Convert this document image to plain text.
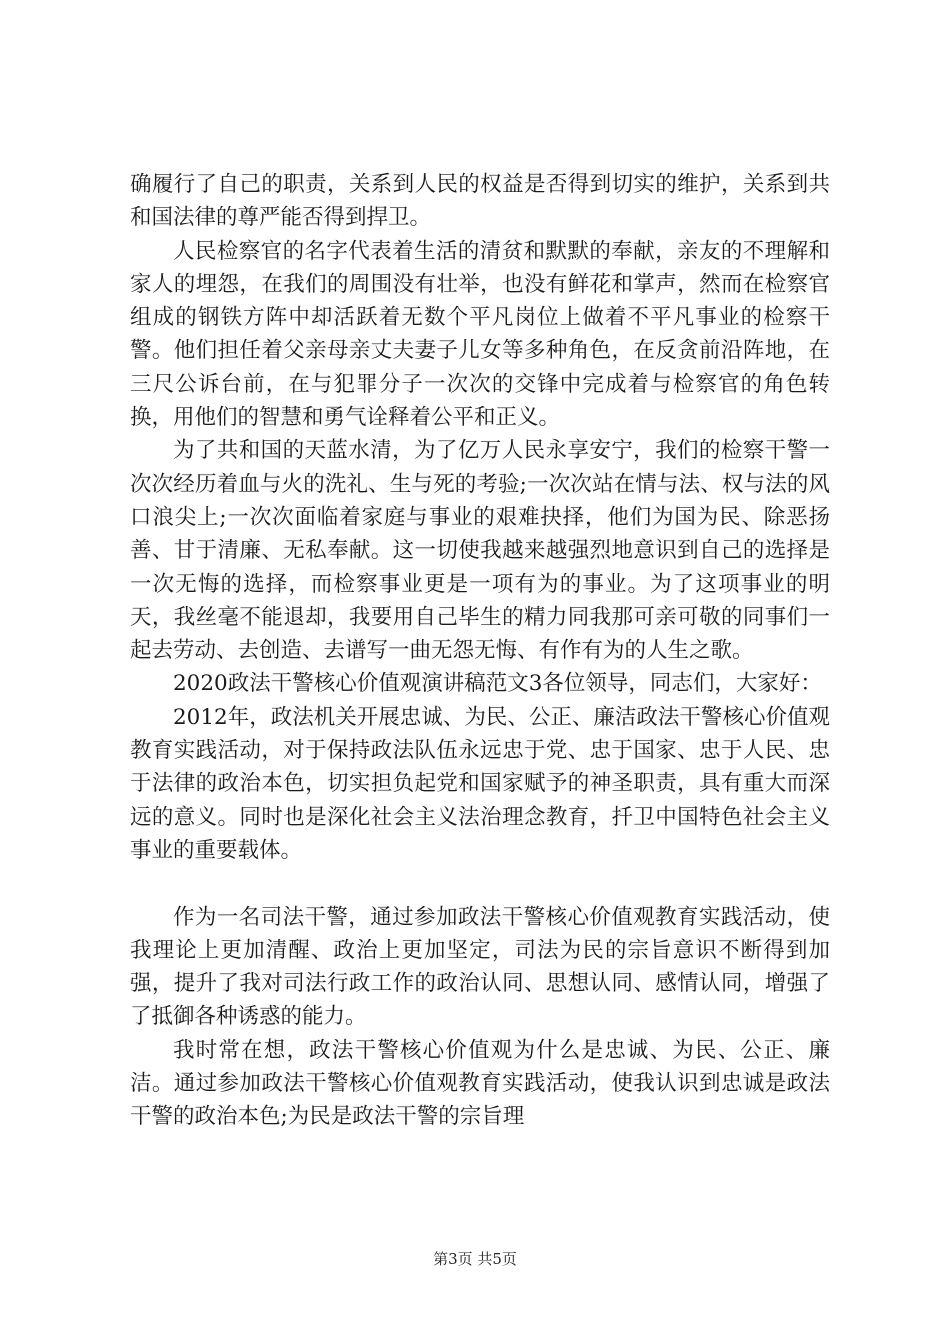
确履行了自己的职责，关系到人民的权益是否得到切实的维护，关系到共和国法律的尊严能否得到捍卫。

人民检察官的名字代表着生活的清贫和默默的奉献，亲友的不理解和家人的埋怨，在我们的周围没有壮举，也没有鲜花和掌声，然而在检察官组成的钢铁方阵中却活跃着无数个平凡岗位上做着不平凡事业的检察干警。他们担任着父亲母亲丈夫妻子儿女等多种角色，在反贪前沿阵地，在三尺公诉台前，在与犯罪分子一次次的交锋中完成着与检察官的角色转换，用他们的智慧和勇气诠释着公平和正义。

为了共和国的天蓝水清，为了亿万人民永享安宁，我们的检察干警一次次经历着血与火的洗礼、生与死的考验;一次次站在情与法、权与法的风口浪尖上;一次次面临着家庭与事业的艰难抉择，他们为国为民、除恶扬善、甘于清廉、无私奉献。这一切使我越来越强烈地意识到自己的选择是一次无悔的选择，而检察事业更是一项有为的事业。为了这项事业的明天，我丝毫不能退却，我要用自己毕生的精力同我那可亲可敬的同事们一起去劳动、去创造、去谱写一曲无怨无悔、有作有为的人生之歌。

2020政法干警核心价值观演讲稿范文3各位领导，同志们，大家好：

2012年，政法机关开展忠诚、为民、公正、廉洁政法干警核心价值观教育实践活动，对于保持政法队伍永远忠于党、忠于国家、忠于人民、忠于法律的政治本色，切实担负起党和国家赋予的神圣职责，具有重大而深远的意义。同时也是深化社会主义法治理念教育，扦卫中国特色社会主义事业的重要载体。

作为一名司法干警，通过参加政法干警核心价值观教育实践活动，使我理论上更加清醒、政治上更加坚定，司法为民的宗旨意识不断得到加强，提升了我对司法行政工作的政治认同、思想认同、感情认同，增强了了抵御各种诱惑的能力。

我时常在想，政法干警核心价值观为什么是忠诚、为民、公正、廉洁。通过参加政法干警核心价值观教育实践活动，使我认识到忠诚是政法干警的政治本色;为民是政法干警的宗旨理

第3页 共5页
